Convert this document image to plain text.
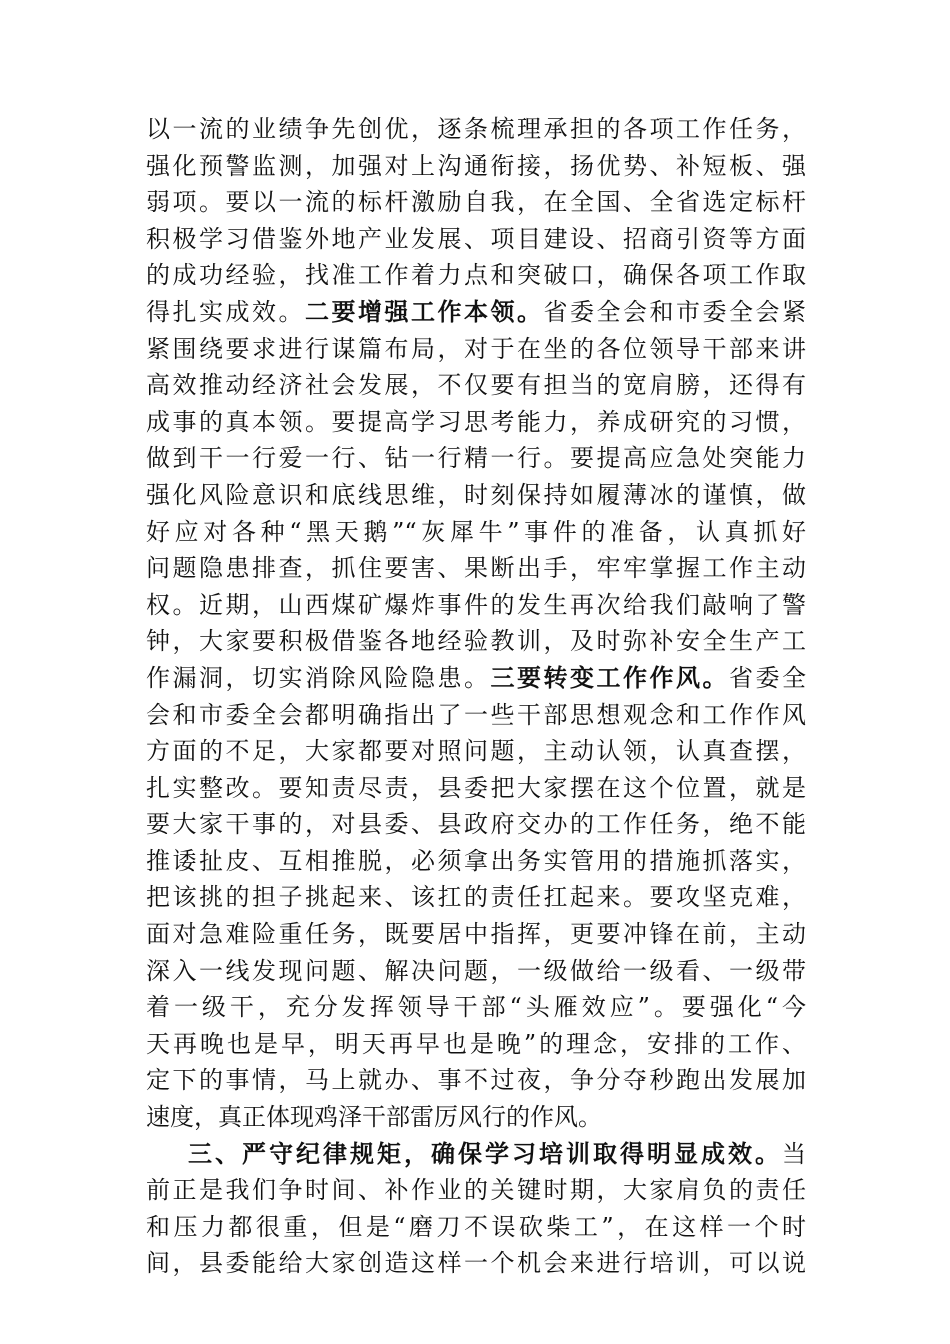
以一流的业绩争先创优，逐条梳理承担的各项工作任务，
强化预警监测，加强对上沟通衔接，扬优势、补短板、强
弱项。要以一流的标杆激励自我，在全国、全省选定标杆
积极学习借鉴外地产业发展、项目建设、招商引资等方面
的成功经验，找准工作着力点和突破口，确保各项工作取
得扎实成效。二要增强工作本领。省委全会和市委全会紧
紧围绕要求进行谋篇布局，对于在坐的各位领导干部来讲
高效推动经济社会发展，不仅要有担当的宽肩膀，还得有
成事的真本领。要提高学习思考能力，养成研究的习惯，
做到干一行爱一行、钻一行精一行。要提高应急处突能力
强化风险意识和底线思维，时刻保持如履薄冰的谨慎，做
好应对各种“黑天鹅”“灰犀牛”事件的准备，认真抓好
问题隐患排查，抓住要害、果断出手，牢牢掌握工作主动
权。近期，山西煤矿爆炸事件的发生再次给我们敲响了警
钟，大家要积极借鉴各地经验教训，及时弥补安全生产工
作漏洞，切实消除风险隐患。三要转变工作作风。省委全
会和市委全会都明确指出了一些干部思想观念和工作作风
方面的不足，大家都要对照问题，主动认领，认真查摆，
扎实整改。要知责尽责，县委把大家摆在这个位置，就是
要大家干事的，对县委、县政府交办的工作任务，绝不能
推诿扯皮、互相推脱，必须拿出务实管用的措施抓落实，
把该挑的担子挑起来、该扛的责任扛起来。要攻坚克难，
面对急难险重任务，既要居中指挥，更要冲锋在前，主动
深入一线发现问题、解决问题，一级做给一级看、一级带
着一级干，充分发挥领导干部“头雁效应”。要强化“今
天再晚也是早，明天再早也是晚”的理念，安排的工作、
定下的事情，马上就办、事不过夜，争分夺秒跑出发展加
速度，真正体现鸡泽干部雷厉风行的作风。
三、严守纪律规矩，确保学习培训取得明显成效。当
前正是我们争时间、补作业的关键时期，大家肩负的责任
和压力都很重，但是“磨刀不误砍柴工”，在这样一个时
间，县委能给大家创造这样一个机会来进行培训，可以说
